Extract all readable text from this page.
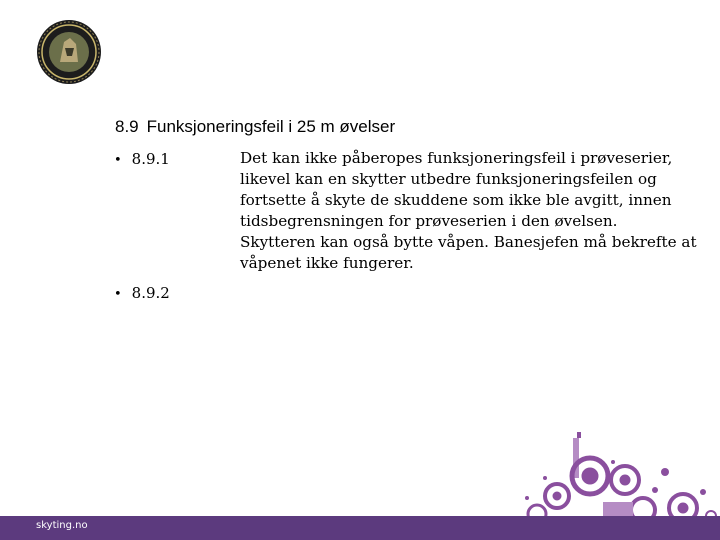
8.9 Funksjoneringsfeil i 25 m øvelser
• 8.9.1
• 8.9.2

Det kan ikke påberopes funksjoneringsfeil i prøveserier, likevel kan en skytter utbedre funksjoneringsfeilen og fortsette å skyte de skuddene som ikke ble avgitt, innen tidsbegrensningen for prøveserien i den øvelsen.

Skytteren kan også bytte våpen. Banesjefen må bekrefte at våpenet ikke fungerer.

skyting.no
